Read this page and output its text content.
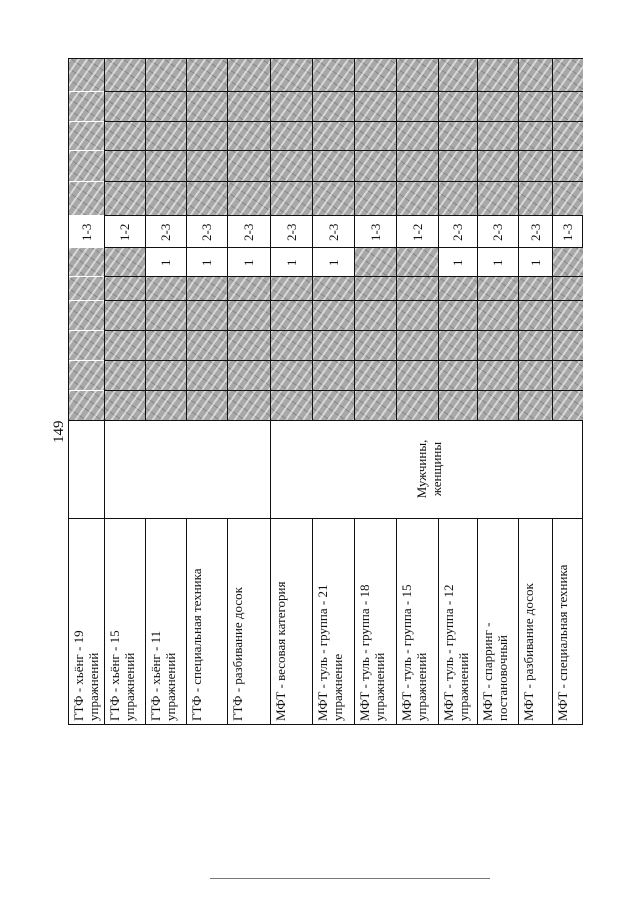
149
1-3
ГТФ - хьёнг - 19 упражнений
1-2
ГТФ - хьёнг - 15 упражнений
2-3
1
ГТФ - хьёнг - 11 упражнений
2-3
1
ГТФ - специальная техника
2-3
1
ГТФ - разбивание досок
2-3
1
МФТ - весовая категория
2-3
1
МФТ - туль - группа - 21 упражнение
1-3
МФТ - туль - группа - 18 упражнений
1-2
МФТ - туль - группа - 15 упражнений
2-3
1
МФТ - туль - группа - 12 упражнений
2-3
1
МФТ - спарринг - постановочный
2-3
1
МФТ - разбивание досок
1-3
МФТ - специальная техника
Мужчины, женщины
